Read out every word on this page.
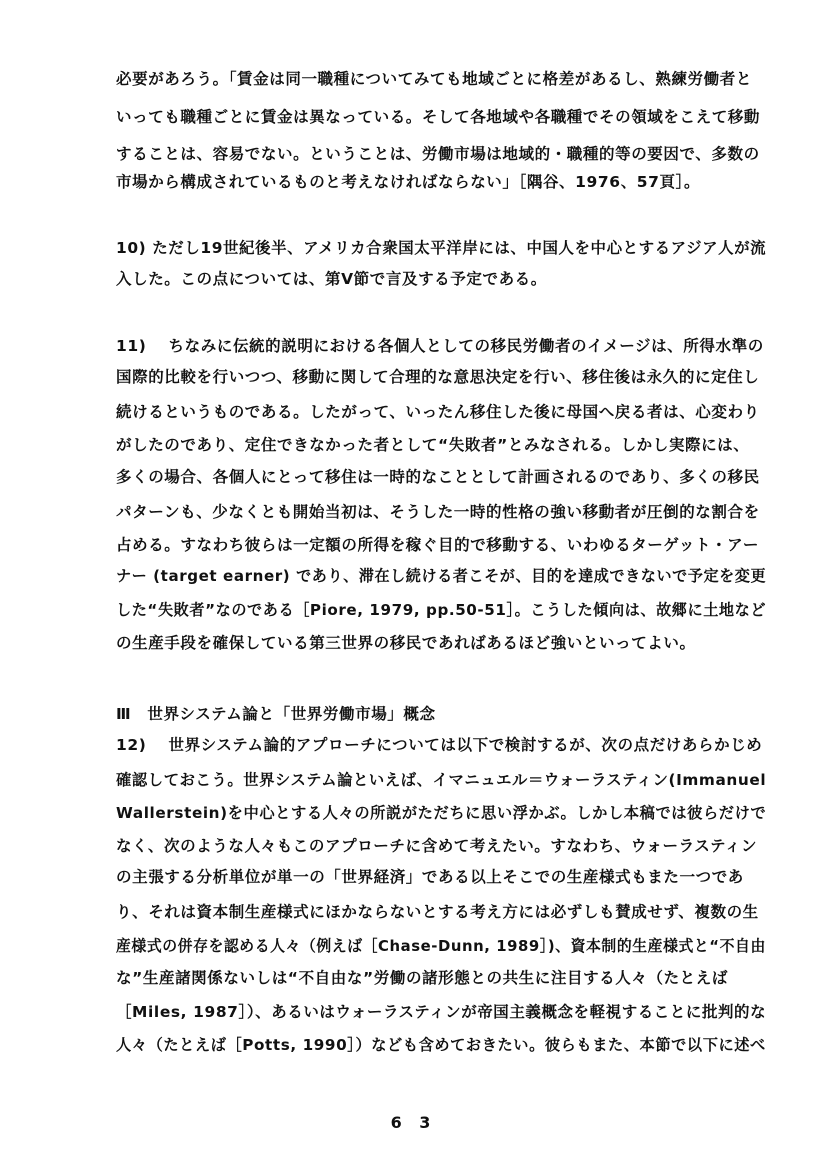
必要があろう。「賃金は同一職種についてみても地域ごとに格差があるし、熟練労働者と
いっても職種ごとに賃金は異なっている。そして各地域や各職種でその領域をこえて移動
することは、容易でない。ということは、労働市場は地域的・職種的等の要因で、多数の
市場から構成されているものと考えなければならない」［隅谷、1976、57頁］。
10) ただし19世紀後半、アメリカ合衆国太平洋岸には、中国人を中心とするアジア人が流
入した。この点については、第Ⅴ節で言及する予定である。
11)　 ちなみに伝統的説明における各個人としての移民労働者のイメージは、所得水準の
国際的比較を行いつつ、移動に関して合理的な意思決定を行い、移住後は永久的に定住し
続けるというものである。したがって、いったん移住した後に母国へ戻る者は、心変わり
がしたのであり、定住できなかった者として“失敗者”とみなされる。しかし実際には、
多くの場合、各個人にとって移住は一時的なこととして計画されるのであり、多くの移民
パターンも、少なくとも開始当初は、そうした一時的性格の強い移動者が圧倒的な割合を
占める。すなわち彼らは一定額の所得を稼ぐ目的で移動する、いわゆるターゲット・アー
ナー (target earner) であり、滞在し続ける者こそが、目的を達成できないで予定を変更
した“失敗者”なのである［Piore, 1979, pp.50-51］。こうした傾向は、故郷に土地など
の生産手段を確保している第三世界の移民であればあるほど強いといってよい。
Ⅲ　世界システム論と「世界労働市場」概念
12)　 世界システム論的アプローチについては以下で検討するが、次の点だけあらかじめ
確認しておこう。世界システム論といえば、イマニュエル＝ウォーラスティン(Immanuel
Wallerstein)を中心とする人々の所説がただちに思い浮かぶ。しかし本稿では彼らだけで
なく、次のような人々もこのアプローチに含めて考えたい。すなわち、ウォーラスティン
の主張する分析単位が単一の「世界経済」である以上そこでの生産様式もまた一つであ
り、それは資本制生産様式にほかならないとする考え方には必ずしも賛成せず、複数の生
産様式の併存を認める人々（例えば［Chase-Dunn, 1989］)、資本制的生産様式と“不自由
な”生産諸関係ないしは“不自由な”労働の諸形態との共生に注目する人々（たとえば
［Miles, 1987］）、あるいはウォーラスティンが帝国主義概念を軽視することに批判的な
人々（たとえば［Potts, 1990］）なども含めておきたい。彼らもまた、本節で以下に述べ
6 3
